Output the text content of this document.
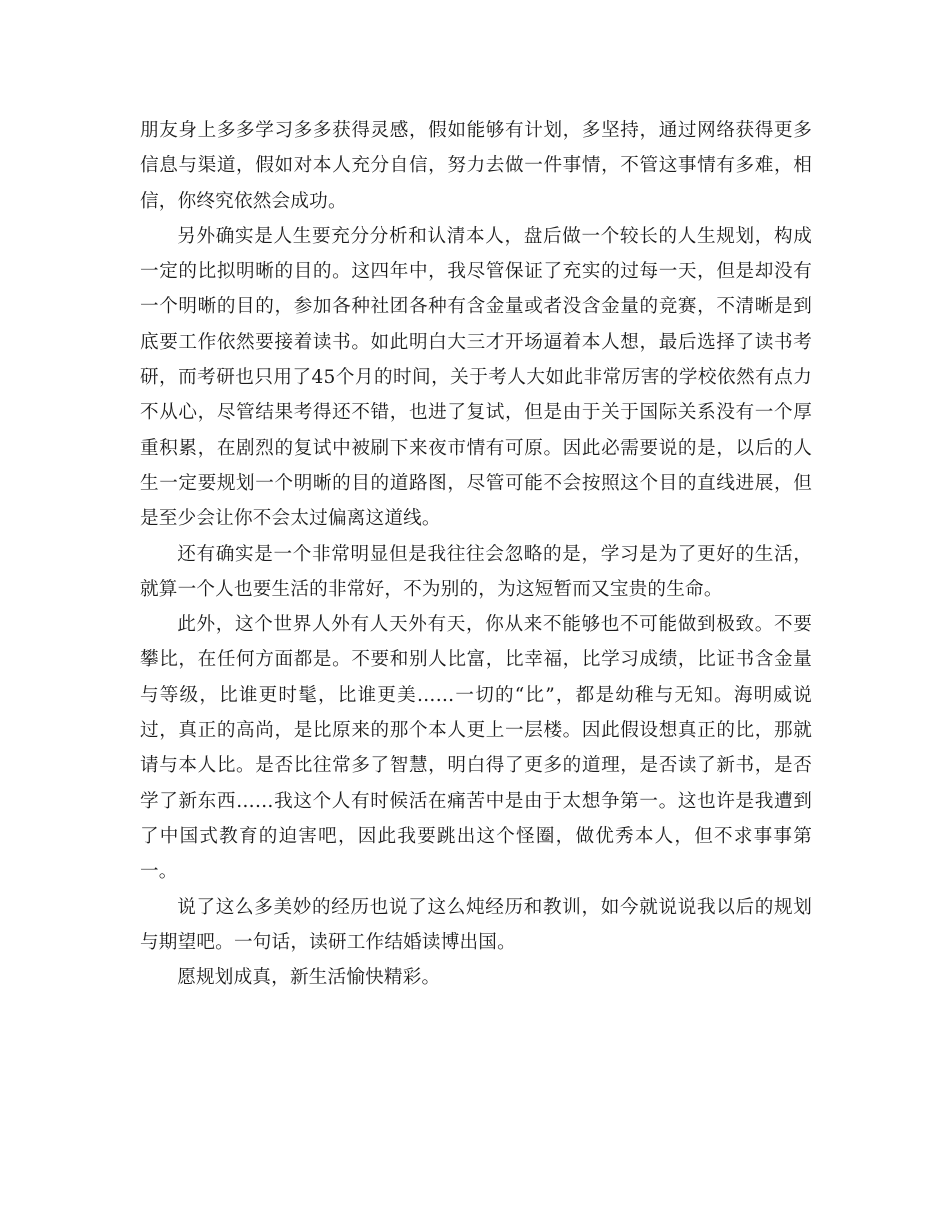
朋友身上多多学习多多获得灵感，假如能够有计划，多坚持，通过网络获得更多信息与渠道，假如对本人充分自信，努力去做一件事情，不管这事情有多难，相信，你终究依然会成功。

另外确实是人生要充分分析和认清本人，盘后做一个较长的人生规划，构成一定的比拟明晰的目的。这四年中，我尽管保证了充实的过每一天，但是却没有一个明晰的目的，参加各种社团各种有含金量或者没含金量的竞赛，不清晰是到底要工作依然要接着读书。如此明白大三才开场逼着本人想，最后选择了读书考研，而考研也只用了45个月的时间，关于考人大如此非常厉害的学校依然有点力不从心，尽管结果考得还不错，也进了复试，但是由于关于国际关系没有一个厚重积累，在剧烈的复试中被刷下来夜市情有可原。因此必需要说的是，以后的人生一定要规划一个明晰的目的道路图，尽管可能不会按照这个目的直线进展，但是至少会让你不会太过偏离这道线。

还有确实是一个非常明显但是我往往会忽略的是，学习是为了更好的生活，就算一个人也要生活的非常好，不为别的，为这短暂而又宝贵的生命。

此外，这个世界人外有人天外有天，你从来不能够也不可能做到极致。不要攀比，在任何方面都是。不要和别人比富，比幸福，比学习成绩，比证书含金量与等级，比谁更时髦，比谁更美……一切的“比”，都是幼稚与无知。海明威说过，真正的高尚，是比原来的那个本人更上一层楼。因此假设想真正的比，那就请与本人比。是否比往常多了智慧，明白得了更多的道理，是否读了新书，是否学了新东西……我这个人有时候活在痛苦中是由于太想争第一。这也许是我遭到了中国式教育的迫害吧，因此我要跳出这个怪圈，做优秀本人，但不求事事第一。

说了这么多美妙的经历也说了这么炖经历和教训，如今就说说我以后的规划与期望吧。一句话，读研工作结婚读博出国。

愿规划成真，新生活愉快精彩。
